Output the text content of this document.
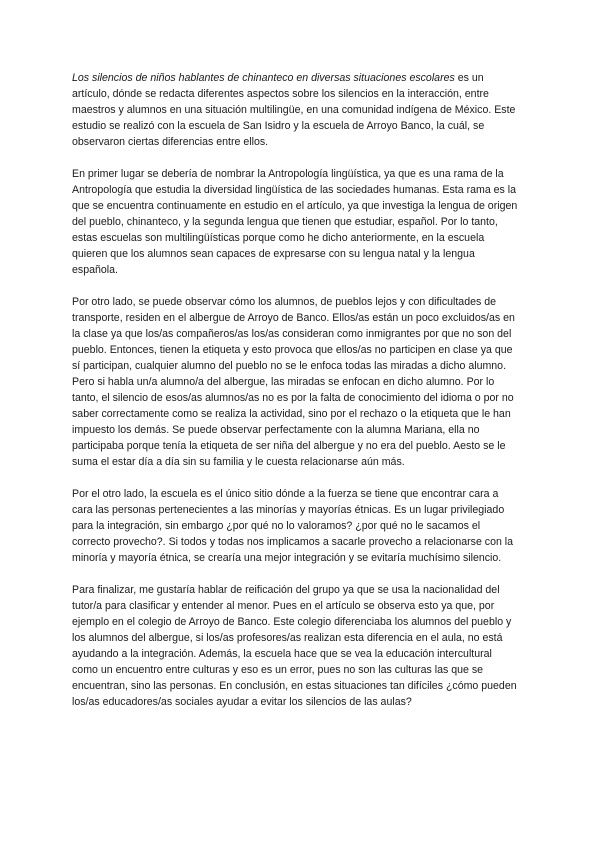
Los silencios de niños hablantes de chinanteco en diversas situaciones escolares es un artículo, dónde se redacta diferentes aspectos sobre los silencios en la interacción, entre maestros y alumnos en una situación multilingüe, en una comunidad indígena de México. Este estudio se realizó con la escuela de San Isidro y la escuela de Arroyo Banco, la cuál, se observaron ciertas diferencias entre ellos.

En primer lugar se debería de nombrar la Antropología lingüística, ya que es una rama de la Antropología que estudia la diversidad lingüística de las sociedades humanas. Esta rama es la que se encuentra continuamente en estudio en el artículo, ya que investiga la lengua de origen del pueblo, chinanteco, y la segunda lengua que tienen que estudiar, español. Por lo tanto, estas escuelas son multilingüísticas porque como he dicho anteriormente, en la escuela quieren que los alumnos sean capaces de expresarse con su lengua natal y la lengua española.

Por otro lado, se puede observar cómo los alumnos, de pueblos lejos y con dificultades de transporte, residen en el albergue de Arroyo de Banco. Ellos/as están un poco excluidos/as en la clase ya que los/as compañeros/as los/as consideran como inmigrantes por que no son del pueblo. Entonces, tienen la etiqueta y esto provoca que ellos/as no participen en clase ya que sí participan, cualquier alumno del pueblo no se le enfoca todas las miradas a dicho alumno. Pero si habla un/a alumno/a del albergue, las miradas se enfocan en dicho alumno. Por lo tanto, el silencio de esos/as alumnos/as no es por la falta de conocimiento del idioma o por no saber correctamente como se realiza la actividad, sino por el rechazo o la etiqueta que le han impuesto los demás. Se puede observar perfectamente con la alumna Mariana, ella no participaba porque tenía la etiqueta de ser niña del albergue y no era del pueblo. Aesto se le suma el estar día a día sin su familia y le cuesta relacionarse aún más.

Por el otro lado, la escuela es el único sitio dónde a la fuerza se tiene que encontrar cara a cara las personas pertenecientes a las minorías y mayorías étnicas. Es un lugar privilegiado para la integración, sin embargo ¿por qué no lo valoramos? ¿por qué no le sacamos el correcto provecho?. Si todos y todas nos implicamos a sacarle provecho a relacionarse con la minoría y mayoría étnica, se crearía una mejor integración y se evitaría muchísimo silencio.

Para finalizar, me gustaría hablar de reificación del grupo ya que se usa la nacionalidad del tutor/a para clasificar y entender al menor. Pues en el artículo se observa esto ya que, por ejemplo en el colegio de Arroyo de Banco. Este colegio diferenciaba los alumnos del pueblo y los alumnos del albergue, si los/as profesores/as realizan esta diferencia en el aula, no está ayudando a la integración. Además, la escuela hace que se vea la educación intercultural como un encuentro entre culturas y eso es un error, pues no son las culturas las que se encuentran, sino las personas. En conclusión, en estas situaciones tan difíciles ¿cómo pueden los/as educadores/as sociales ayudar a evitar los silencios de las aulas?
